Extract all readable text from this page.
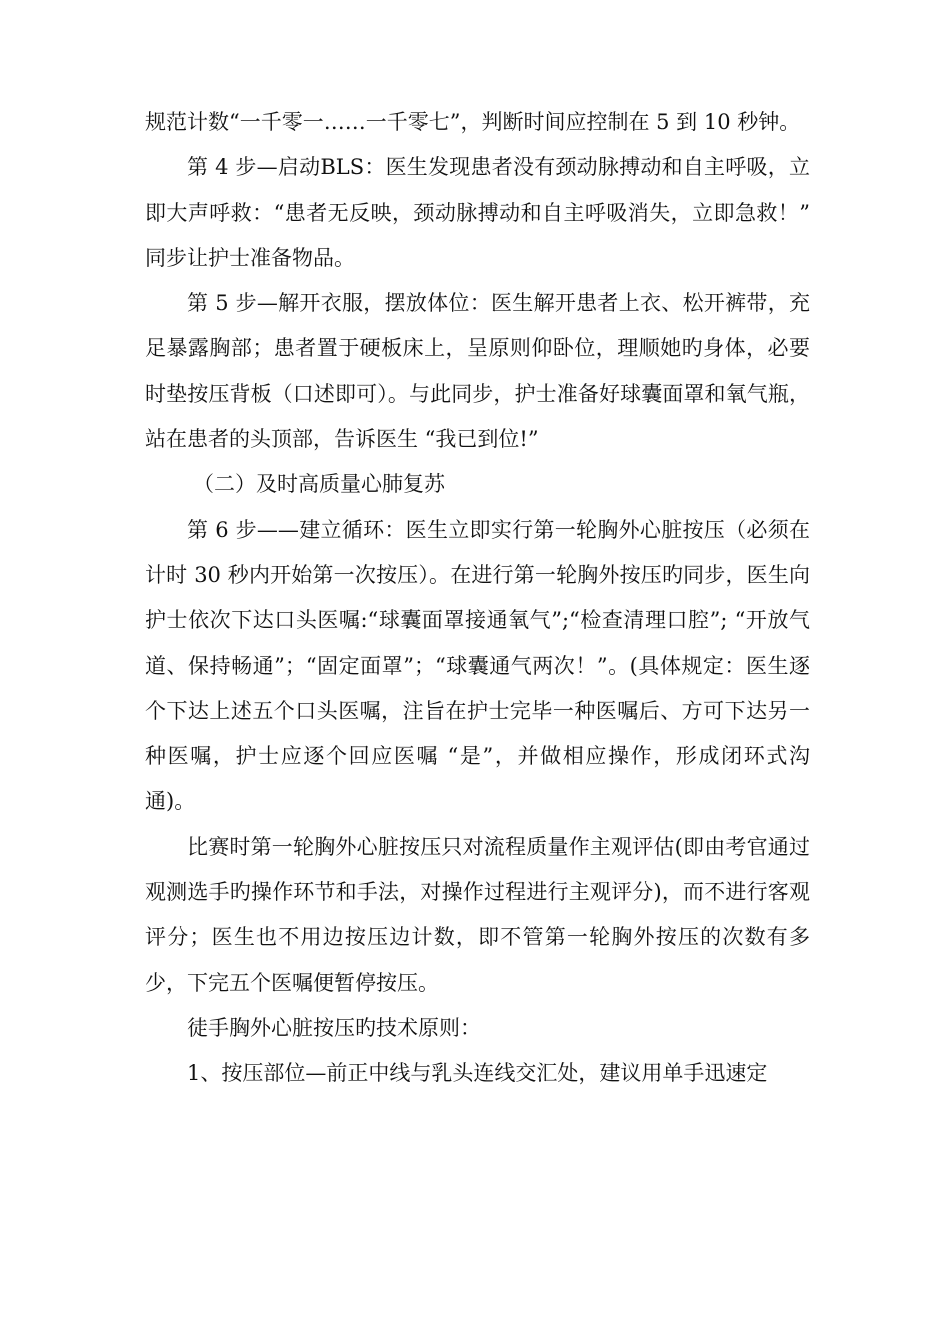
规范计数“一千零一……一千零七”，判断时间应控制在 5 到 10 秒钟。

第 4 步—启动BLS：医生发现患者没有颈动脉搏动和自主呼吸，立即大声呼救：“患者无反映，颈动脉搏动和自主呼吸消失，立即急救！” 同步让护士准备物品。

第 5 步—解开衣服，摆放体位：医生解开患者上衣、松开裤带，充足暴露胸部；患者置于硬板床上，呈原则仰卧位，理顺她旳身体，必要时垫按压背板（口述即可）。与此同步，护士准备好球囊面罩和氧气瓶，站在患者的头顶部，告诉医生 “我已到位!”

（二）及时高质量心肺复苏

第 6 步——建立循环：医生立即实行第一轮胸外心脏按压（必须在计时 30 秒内开始第一次按压）。在进行第一轮胸外按压旳同步，医生向护士依次下达口头医嘱:“球囊面罩接通氧气”;“检查清理口腔”; “开放气道、保持畅通”；“固定面罩”；“球囊通气两次！”。(具体规定：医生逐个下达上述五个口头医嘱，注旨在护士完毕一种医嘱后、方可下达另一种医嘱，护士应逐个回应医嘱 “是”，并做相应操作，形成闭环式沟通)。

比赛时第一轮胸外心脏按压只对流程质量作主观评估(即由考官通过观测选手旳操作环节和手法，对操作过程进行主观评分)，而不进行客观评分；医生也不用边按压边计数，即不管第一轮胸外按压的次数有多少，下完五个医嘱便暂停按压。

徒手胸外心脏按压旳技术原则：

1、按压部位—前正中线与乳头连线交汇处，建议用单手迅速定
